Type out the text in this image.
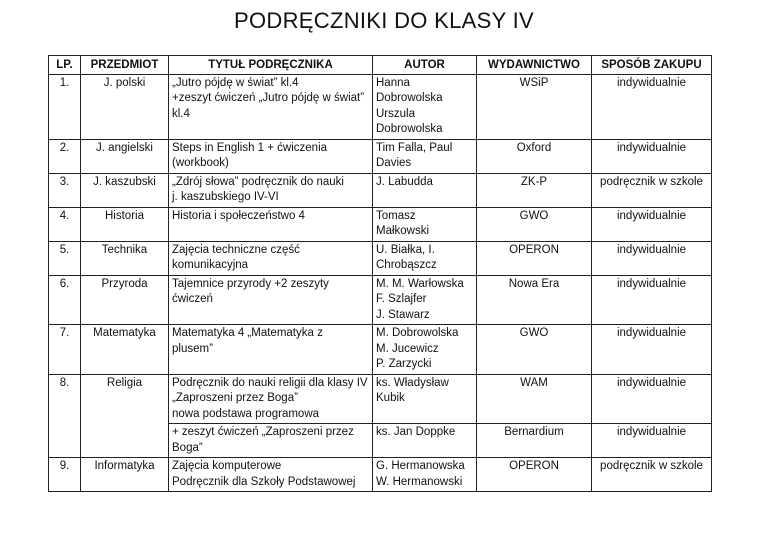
PODRĘCZNIKI DO KLASY IV
LP.	PRZEDMIOT	TYTUŁ PODRĘCZNIKA	AUTOR	WYDAWNICTWO	SPOSÓB ZAKUPU
1.	J. polski	„Jutro pójdę w świat” kl.4
+zeszyt ćwiczeń „Jutro pójdę w świat”
kl.4	Hanna
Dobrowolska
Urszula
Dobrowolska	WSiP	indywidualnie
2.	J. angielski	Steps in English 1 + ćwiczenia
(workbook)	Tim Falla, Paul
Davies	Oxford	indywidualnie
3.	J. kaszubski	„Zdrój słowa” podręcznik do nauki
j. kaszubskiego IV-VI	J. Labudda	ZK-P	podręcznik w szkole
4.	Historia	Historia i społeczeństwo 4	Tomasz
Małkowski	GWO	indywidualnie
5.	Technika	Zajęcia techniczne część
komunikacyjna	U. Białka, I.
Chrobąszcz	OPERON	indywidualnie
6.	Przyroda	Tajemnice przyrody +2 zeszyty
ćwiczeń	M. M. Warłowska
F. Szlajfer
J. Stawarz	Nowa Era	indywidualnie
7.	Matematyka	Matematyka 4 „Matematyka z
plusem”	M. Dobrowolska
M. Jucewicz
P. Zarzycki	GWO	indywidualnie
8.	Religia	Podręcznik do nauki religii dla klasy IV
„Zaproszeni przez Boga”
nowa podstawa programowa	ks. Władysław
Kubik	WAM	indywidualnie

		+ zeszyt ćwiczeń „Zaproszeni przez
Boga”	ks. Jan Doppke	Bernardium	indywidualnie
9.	Informatyka	Zajęcia komputerowe
Podręcznik dla Szkoły Podstawowej	G. Hermanowska
W. Hermanowski	OPERON	podręcznik w szkole
